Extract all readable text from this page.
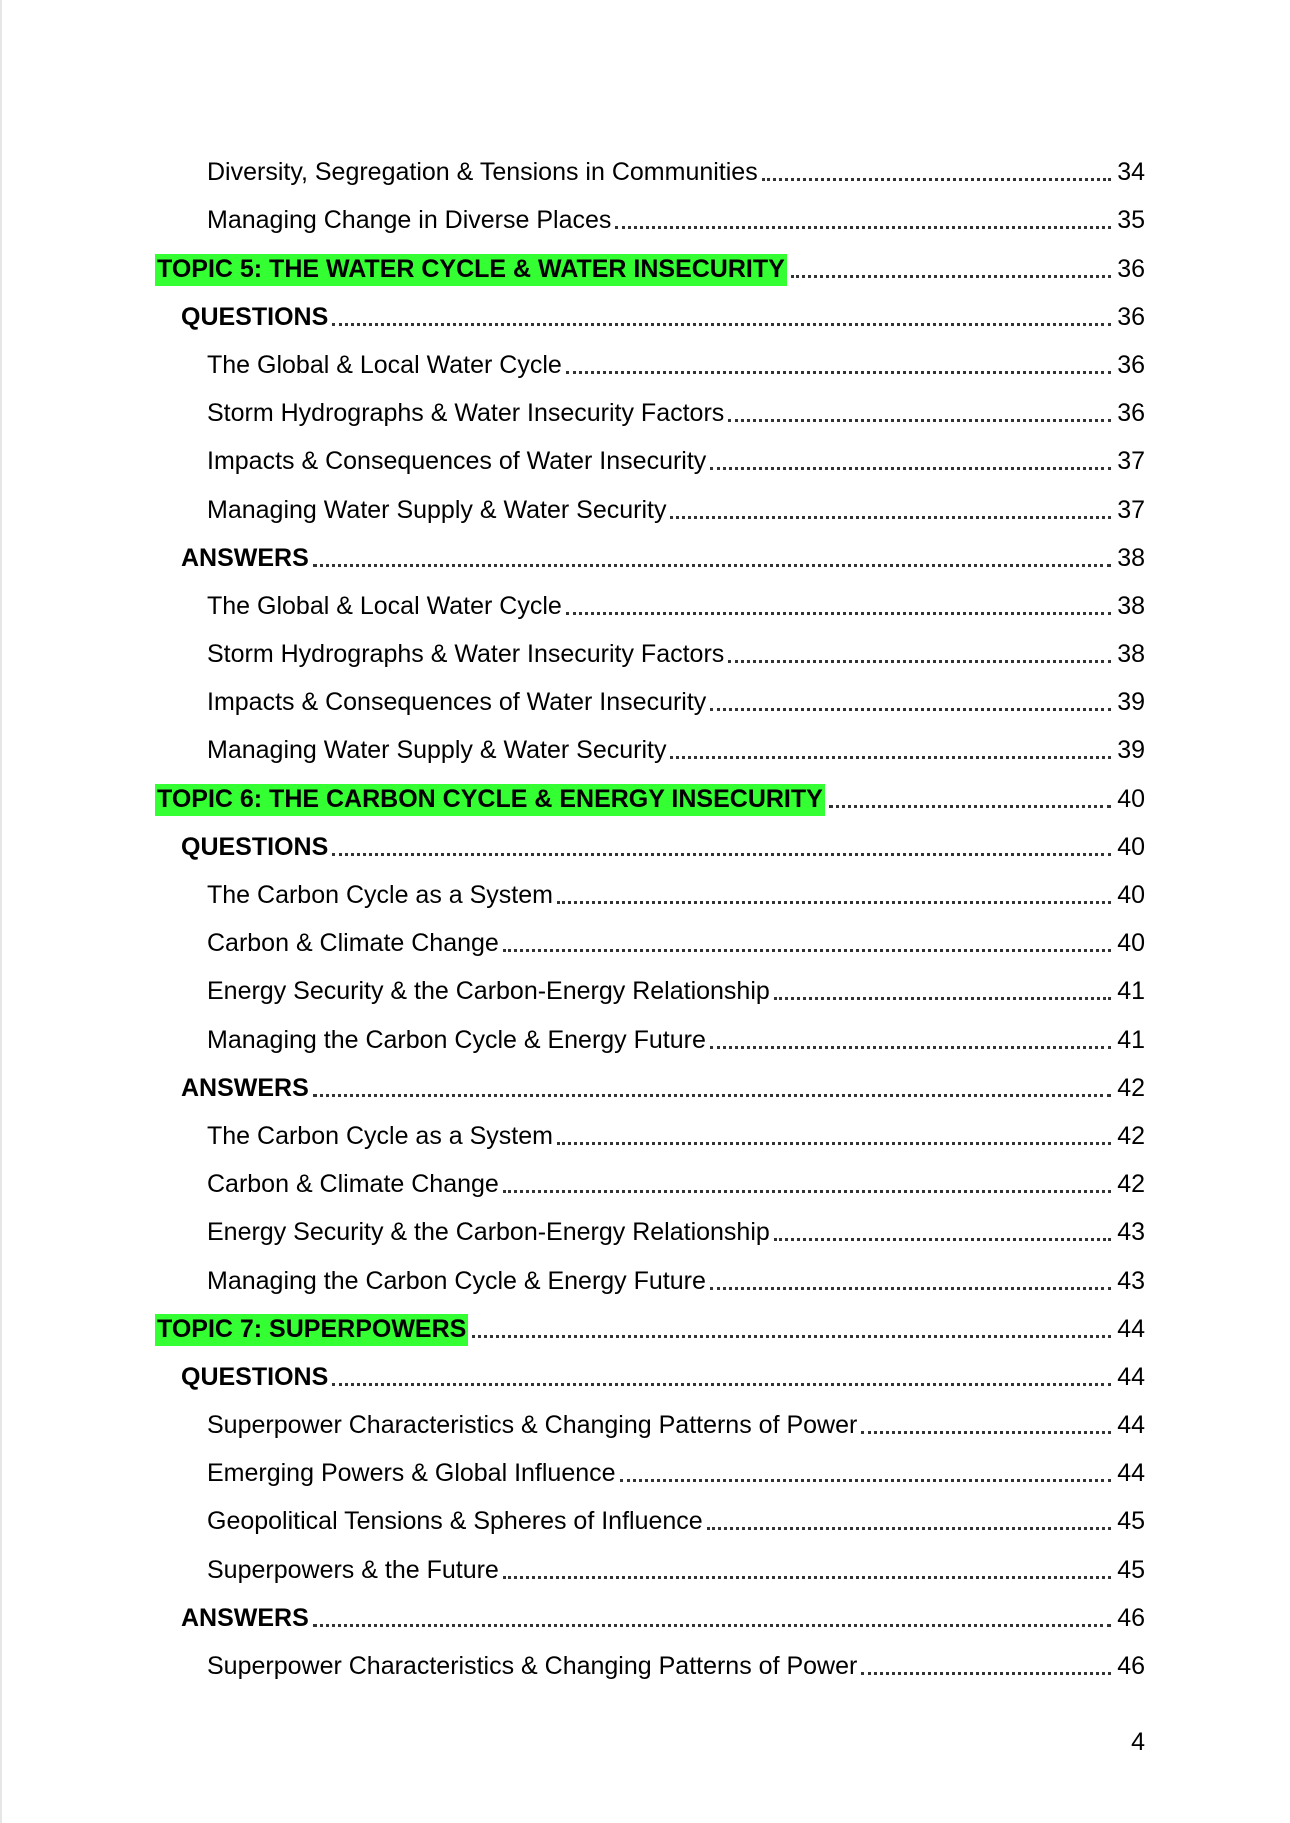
Diversity, Segregation & Tensions in Communities	34
Managing Change in Diverse Places	35
TOPIC 5: THE WATER CYCLE & WATER INSECURITY	36
QUESTIONS	36
The Global & Local Water Cycle	36
Storm Hydrographs & Water Insecurity Factors	36
Impacts & Consequences of Water Insecurity	37
Managing Water Supply & Water Security	37
ANSWERS	38
The Global & Local Water Cycle	38
Storm Hydrographs & Water Insecurity Factors	38
Impacts & Consequences of Water Insecurity	39
Managing Water Supply & Water Security	39
TOPIC 6: THE CARBON CYCLE & ENERGY INSECURITY	40
QUESTIONS	40
The Carbon Cycle as a System	40
Carbon & Climate Change	40
Energy Security & the Carbon-Energy Relationship	41
Managing the Carbon Cycle & Energy Future	41
ANSWERS	42
The Carbon Cycle as a System	42
Carbon & Climate Change	42
Energy Security & the Carbon-Energy Relationship	43
Managing the Carbon Cycle & Energy Future	43
TOPIC 7: SUPERPOWERS	44
QUESTIONS	44
Superpower Characteristics & Changing Patterns of Power	44
Emerging Powers & Global Influence	44
Geopolitical Tensions & Spheres of Influence	45
Superpowers & the Future	45
ANSWERS	46
Superpower Characteristics & Changing Patterns of Power	46
4
